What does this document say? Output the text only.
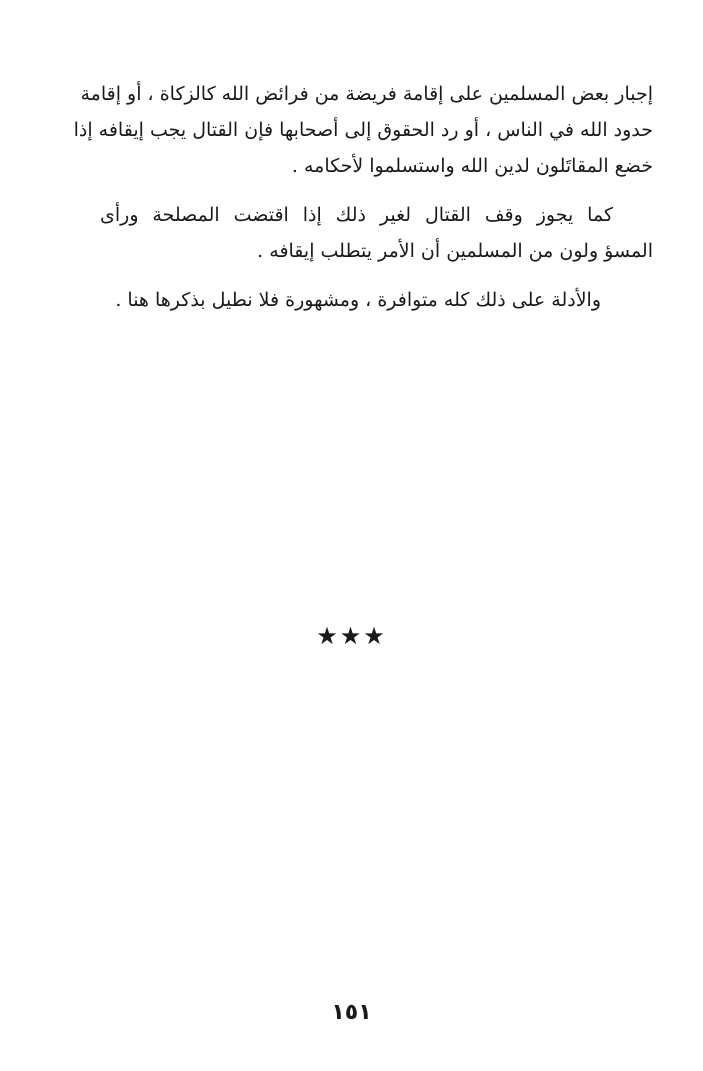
إجبار بعض المسلمين على إقامة فريضة من فرائض الله كالزكاة ، أو إقامة
حدود الله في الناس ، أو رد الحقوق إلى أصحابها فإن القتال يجب إيقافه إذا
خضع المقاتَلون لدين الله واستسلموا لأحكامه .
كما يجوز وقف القتال لغير ذلك إذا اقتضت المصلحة ورأى
المسؤ ولون من المسلمين أن الأمر يتطلب إيقافه .
والأدلة على ذلك كله متوافرة ، ومشهورة فلا نطيل بذكرها هنا .
★★★
١٥١
